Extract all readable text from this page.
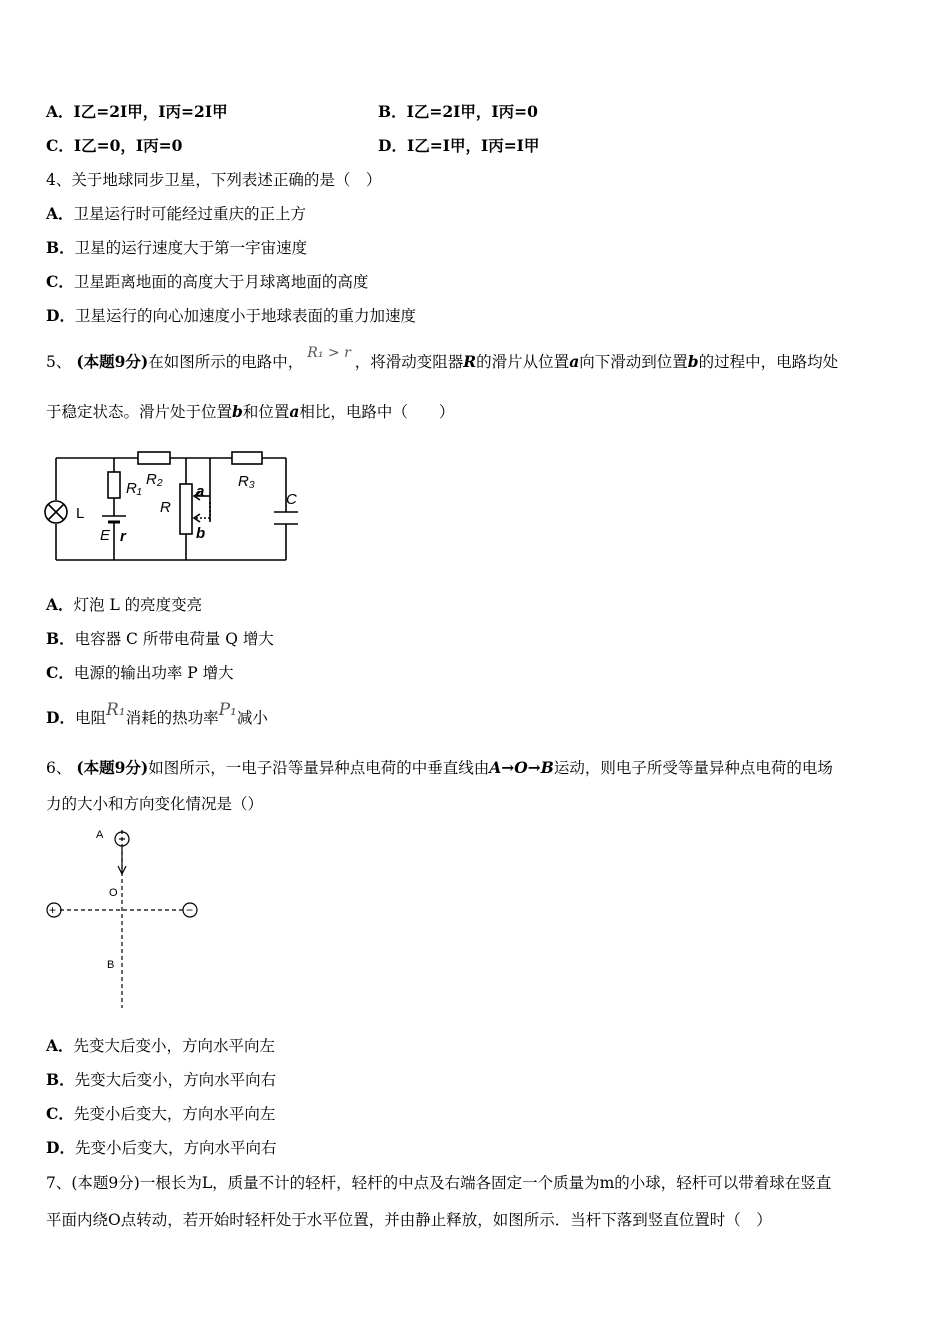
A．I乙=2I甲，I丙=2I甲	B．I乙=2I甲，I丙=0
C．I乙=0，I丙=0	D．I乙=I甲，I丙=I甲
4、关于地球同步卫星，下列表述正确的是（　）
A．卫星运行时可能经过重庆的正上方
B．卫星的运行速度大于第一宇宙速度
C．卫星距离地面的高度大于月球离地面的高度
D．卫星运行的向心加速度小于地球表面的重力加速度
5、 (本题9分)在如图所示的电路中， R₁ > r ，将滑动变阻器R的滑片从位置a向下滑动到位置b的过程中，电路均处
于稳定状态。滑片处于位置b和位置a相比，电路中（　　）
R₁
R₂	R₃
R	C
L
E r
a
b
A．灯泡 L 的亮度变亮
B．电容器 C 所带电荷量 Q 增大
C．电源的输出功率 P 增大
D．电阻R₁消耗的热功率P₁减小
6、 (本题9分)如图所示，一电子沿等量异种点电荷的中垂直线由A→O→B运动，则电子所受等量异种点电荷的电场
力的大小和方向变化情况是（）
A
O
B
+	−
A．先变大后变小，方向水平向左
B．先变大后变小，方向水平向右
C．先变小后变大，方向水平向左
D．先变小后变大，方向水平向右
7、(本题9分)一根长为L，质量不计的轻杆，轻杆的中点及右端各固定一个质量为m的小球，轻杆可以带着球在竖直
平面内绕O点转动，若开始时轻杆处于水平位置，并由静止释放，如图所示．当杆下落到竖直位置时（　）
